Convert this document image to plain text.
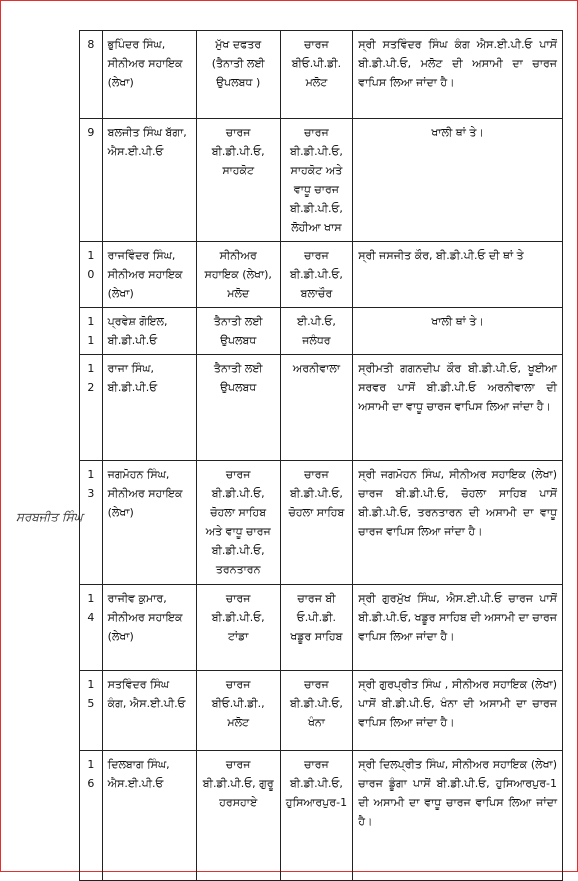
8	ਭੁਪਿੰਦਰ ਸਿੰਘ, ਸੀਨੀਅਰ ਸਹਾਇਕ (ਲੇਖਾ)	ਮੁੱਖ ਦਫਤਰ (ਤੈਨਾਤੀ ਲਈ ਉਪਲਬਧ )	ਚਾਰਜ ਬੀਓ.ਪੀ.ਡੀ. ਮਲੋਟ	ਸ੍ਰੀ ਸਤਵਿੰਦਰ ਸਿੰਘ ਕੰਗ ਐਸ.ਈ.ਪੀ.ਓ ਪਾਸੋਂ ਬੀ.ਡੀ.ਪੀ.ਓ, ਮਲੋਟ ਦੀ ਅਸਾਮੀ ਦਾ ਚਾਰਜ ਵਾਪਿਸ ਲਿਆ ਜਾਂਦਾ ਹੈ।
9	ਬਲਜੀਤ ਸਿੰਘ ਬੱਗਾ, ਐਸ.ਈ.ਪੀ.ਓ	ਚਾਰਜ ਬੀ.ਡੀ.ਪੀ.ਓ, ਸਾਹਕੋਟ	ਚਾਰਜ ਬੀ.ਡੀ.ਪੀ.ਓ, ਸਾਹਕੋਟ ਅਤੇ ਵਾਧੂ ਚਾਰਜ ਬੀ.ਡੀ.ਪੀ.ਓ, ਲੋਹੀਆ ਖਾਸ	ਖਾਲੀ ਥਾਂ ਤੇ।
10	ਰਾਜਵਿੰਦਰ ਸਿੰਘ, ਸੀਨੀਅਰ ਸਹਾਇਕ (ਲੇਖਾ)	ਸੀਨੀਅਰ ਸਹਾਇਕ (ਲੇਖਾ), ਮਲੋਦ	ਚਾਰਜ ਬੀ.ਡੀ.ਪੀ.ਓ, ਬਲਾਚੌਰ	ਸ੍ਰੀ ਜਸਜੀਤ ਕੌਰ, ਬੀ.ਡੀ.ਪੀ.ਓ ਦੀ ਥਾਂ ਤੇ
11	ਪ੍ਰਵੇਸ਼ ਗੋਇਲ, ਬੀ.ਡੀ.ਪੀ.ਓ	ਤੈਨਾਤੀ ਲਈ ਉਪਲਬਧ	ਈ.ਪੀ.ਓ, ਜਲੰਧਰ	ਖਾਲੀ ਥਾਂ ਤੇ।
12	ਰਾਜਾ ਸਿੰਘ, ਬੀ.ਡੀ.ਪੀ.ਓ	ਤੈਨਾਤੀ ਲਈ ਉਪਲਬਧ	ਅਰਨੀਵਾਲਾ	ਸ੍ਰੀਮਤੀ ਗਗਨਦੀਪ ਕੌਰ ਬੀ.ਡੀ.ਪੀ.ਓ, ਖੂਈਆ ਸਰਵਰ ਪਾਸੋਂ ਬੀ.ਡੀ.ਪੀ.ਓ ਅਰਨੀਵਾਲਾ ਦੀ ਅਸਾਮੀ ਦਾ ਵਾਧੂ ਚਾਰਜ ਵਾਪਿਸ ਲਿਆ ਜਾਂਦਾ ਹੈ।
13	ਜਗਮੋਹਨ ਸਿੰਘ, ਸੀਨੀਅਰ ਸਹਾਇਕ (ਲੇਖਾ)	ਚਾਰਜ ਬੀ.ਡੀ.ਪੀ.ਓ, ਚੋਹਲਾ ਸਾਹਿਬ ਅਤੇ ਵਾਧੂ ਚਾਰਜ ਬੀ.ਡੀ.ਪੀ.ਓ, ਤਰਨਤਾਰਨ	ਚਾਰਜ ਬੀ.ਡੀ.ਪੀ.ਓ, ਚੋਹਲਾ ਸਾਹਿਬ	ਸ੍ਰੀ ਜਗਮੋਹਨ ਸਿੰਘ, ਸੀਨੀਅਰ ਸਹਾਇਕ (ਲੇਖਾ) ਚਾਰਜ ਬੀ.ਡੀ.ਪੀ.ਓ, ਚੋਹਲਾ ਸਾਹਿਬ ਪਾਸੋਂ ਬੀ.ਡੀ.ਪੀ.ਓ, ਤਰਨਤਾਰਨ ਦੀ ਅਸਾਮੀ ਦਾ ਵਾਧੂ ਚਾਰਜ ਵਾਪਿਸ ਲਿਆ ਜਾਂਦਾ ਹੈ।
14	ਰਾਜੀਵ ਕੁਮਾਰ, ਸੀਨੀਅਰ ਸਹਾਇਕ (ਲੇਖਾ)	ਚਾਰਜ ਬੀ.ਡੀ.ਪੀ.ਓ, ਟਾਂਡਾ	ਚਾਰਜ ਬੀ ਓ.ਪੀ.ਡੀ. ਖਡੂਰ ਸਾਹਿਬ	ਸ੍ਰੀ ਗੁਰਮੁੱਖ ਸਿੰਘ, ਐਸ.ਈ.ਪੀ.ਓ ਚਾਰਜ ਪਾਸੋਂ ਬੀ.ਡੀ.ਪੀ.ਓ, ਖਡੂਰ ਸਾਹਿਬ ਦੀ ਅਸਾਮੀ ਦਾ ਚਾਰਜ ਵਾਪਿਸ ਲਿਆ ਜਾਂਦਾ ਹੈ।
15	ਸਤਵਿੰਦਰ ਸਿੰਘ ਕੰਗ, ਐਸ.ਈ.ਪੀ.ਓ	ਚਾਰਜ ਬੀਓ.ਪੀ.ਡੀ., ਮਲੋਟ	ਚਾਰਜ ਬੀ.ਡੀ.ਪੀ.ਓ, ਖੰਨਾ	ਸ੍ਰੀ ਗੁਰਪ੍ਰੀਤ ਸਿੰਘ , ਸੀਨੀਅਰ ਸਹਾਇਕ (ਲੇਖਾ) ਪਾਸੋਂ ਬੀ.ਡੀ.ਪੀ.ਓ, ਖੰਨਾ ਦੀ ਅਸਾਮੀ ਦਾ ਚਾਰਜ ਵਾਪਿਸ ਲਿਆ ਜਾਂਦਾ ਹੈ।
16	ਦਿਲਬਾਗ ਸਿੰਘ, ਐਸ.ਈ.ਪੀ.ਓ	ਚਾਰਜ ਬੀ.ਡੀ.ਪੀ.ਓ, ਗੁਰੂ ਹਰਸਹਾਏ	ਚਾਰਜ ਬੀ.ਡੀ.ਪੀ.ਓ, ਹੁਸਿਆਰਪੁਰ-1	ਸ੍ਰੀ ਦਿਲਪ੍ਰੀਤ ਸਿੰਘ, ਸੀਨੀਅਰ ਸਹਾਇਕ (ਲੇਖਾ) ਚਾਰਜ ਡੂੰਗਾ ਪਾਸੋਂ ਬੀ.ਡੀ.ਪੀ.ਓ, ਹੁਸਿਆਰਪੁਰ-1 ਦੀ ਅਸਾਮੀ ਦਾ ਵਾਧੂ ਚਾਰਜ ਵਾਪਿਸ ਲਿਆ ਜਾਂਦਾ ਹੈ।
ਸਰਬਜੀਤ ਸਿੰਘ
